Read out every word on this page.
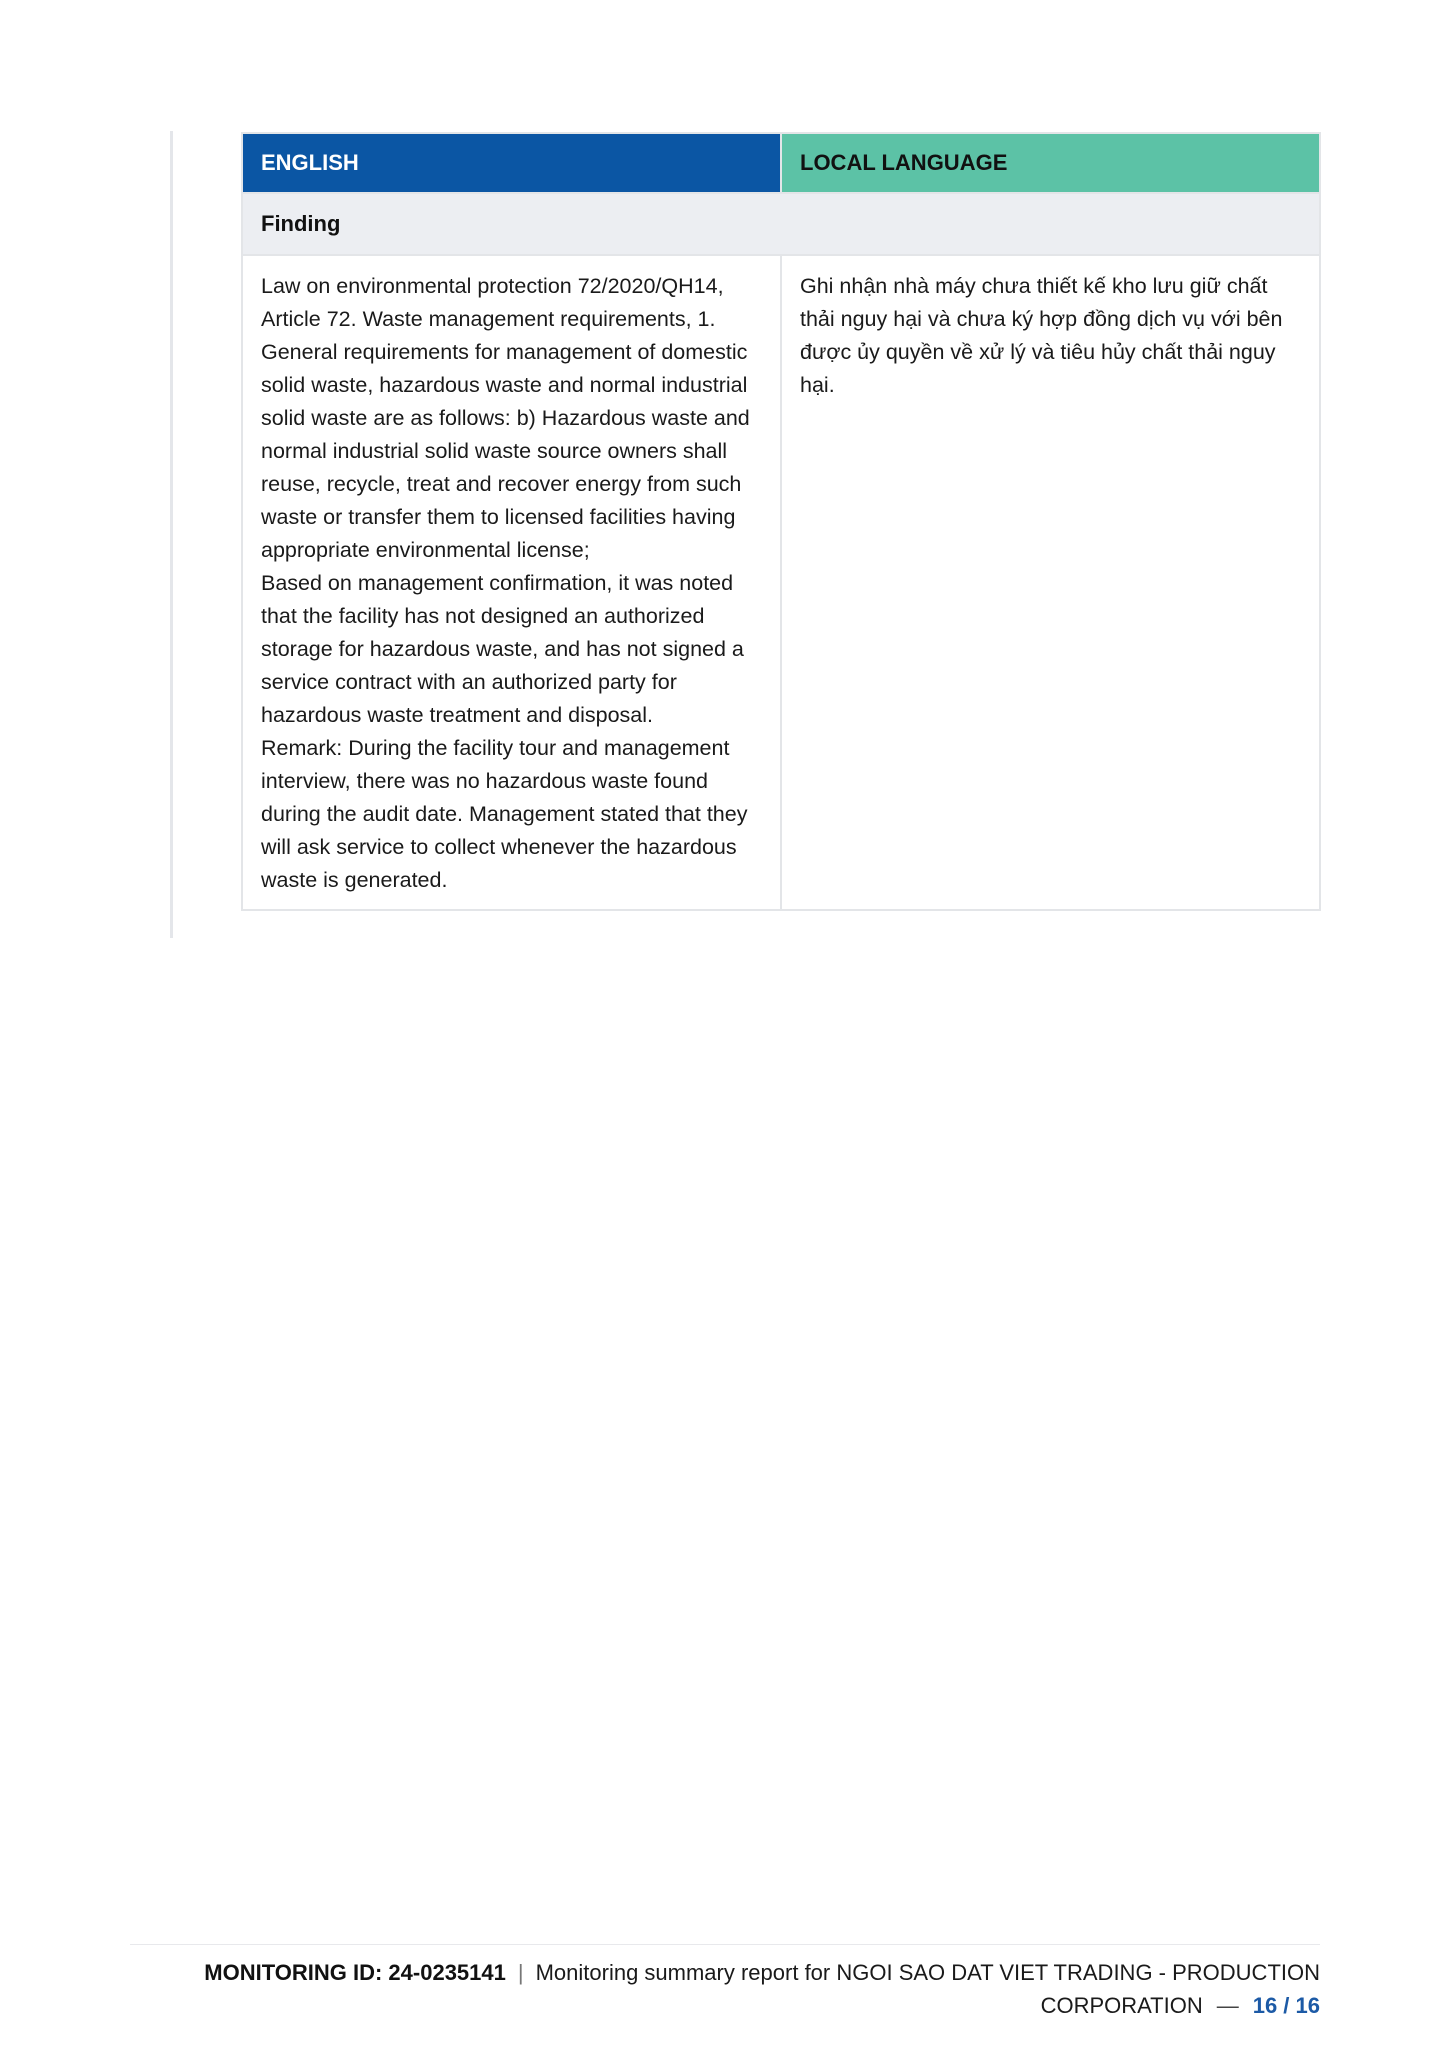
ENGLISH	LOCAL LANGUAGE
Finding	

Law on environmental protection 72/2020/QH14, Article 72. Waste management requirements, 1. General requirements for management of domestic solid waste, hazardous waste and normal industrial solid waste are as follows: b) Hazardous waste and normal industrial solid waste source owners shall reuse, recycle, treat and recover energy from such waste or transfer them to licensed facilities having appropriate environmental license;
Based on management confirmation, it was noted that the facility has not designed an authorized storage for hazardous waste, and has not signed a service contract with an authorized party for hazardous waste treatment and disposal.
Remark: During the facility tour and management interview, there was no hazardous waste found during the audit date. Management stated that they will ask service to collect whenever the hazardous waste is generated.	Ghi nhận nhà máy chưa thiết kế kho lưu giữ chất thải nguy hại và chưa ký hợp đồng dịch vụ với bên được ủy quyền về xử lý và tiêu hủy chất thải nguy hại.
MONITORING ID: 24-0235141 | Monitoring summary report for NGOI SAO DAT VIET TRADING - PRODUCTION CORPORATION — 16 / 16
